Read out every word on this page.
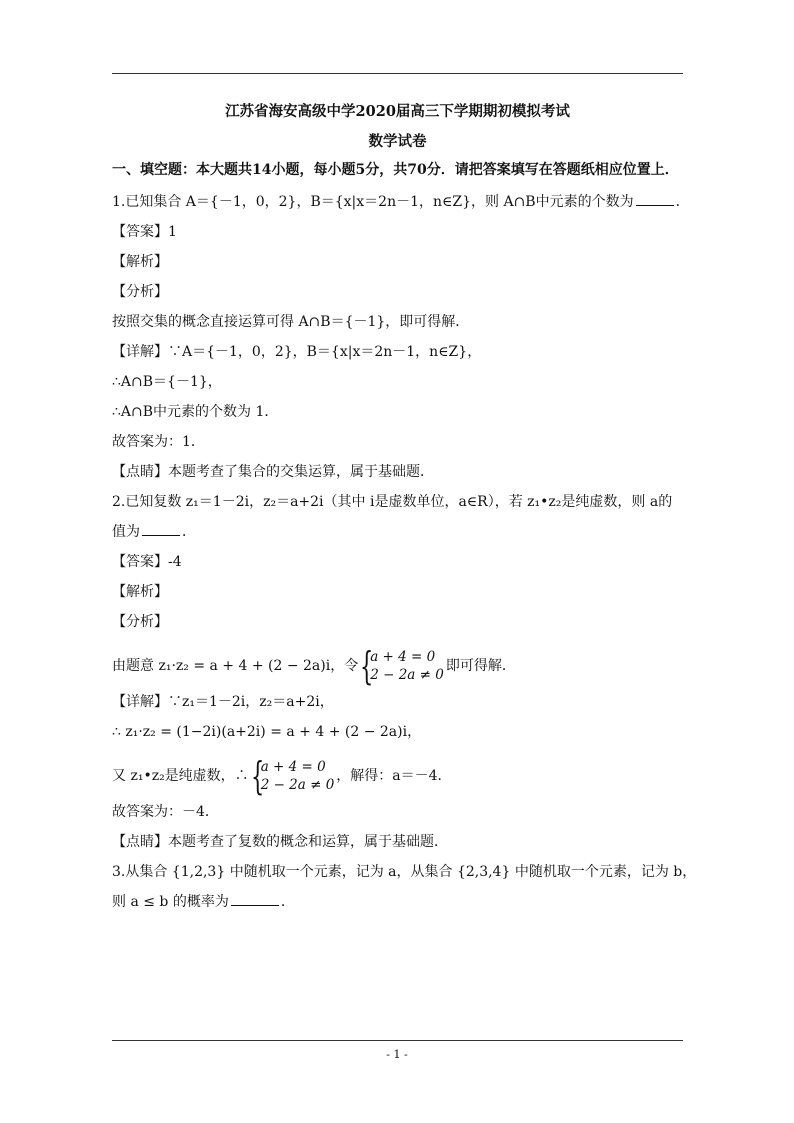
江苏省海安高级中学2020届高三下学期期初模拟考试

数学试卷

一、填空题：本大题共14小题，每小题5分，共70分．请把答案填写在答题纸相应位置上．

1.已知集合 A＝{－1，0，2}，B＝{x|x＝2n－1，n∈Z}，则 A∩B中元素的个数为	．

【答案】1

【解析】

【分析】

按照交集的概念直接运算可得 A∩B＝{－1}，即可得解．

【详解】∵A＝{－1，0，2}，B＝{x|x＝2n－1，n∈Z}，

∴A∩B＝{－1}，

∴A∩B中元素的个数为 1．

故答案为：1．

【点睛】本题考查了集合的交集运算，属于基础题．

2.已知复数 z₁＝1－2i，z₂＝a+2i（其中 i是虚数单位，a∈R），若 z₁•z₂是纯虚数，则 a的

值为	．

【答案】-4

【解析】

【分析】

由题意 z₁·z₂ = a + 4 + (2 − 2a)i，令 {
a + 4 = 0
2 − 2a ≠ 0
即可得解．

【详解】∵z₁＝1－2i，z₂＝a+2i，

∴ z₁·z₂ = (1−2i)(a+2i) = a + 4 + (2 − 2a)i，

又 z₁•z₂是纯虚数，∴ {
a + 4 = 0
2 − 2a ≠ 0
，解得：a＝－4．

故答案为：－4．

【点睛】本题考查了复数的概念和运算，属于基础题．

3.从集合 {1,2,3} 中随机取一个元素，记为 a，从集合 {2,3,4} 中随机取一个元素，记为 b，

则 a ≤ b 的概率为	．

- 1 -
